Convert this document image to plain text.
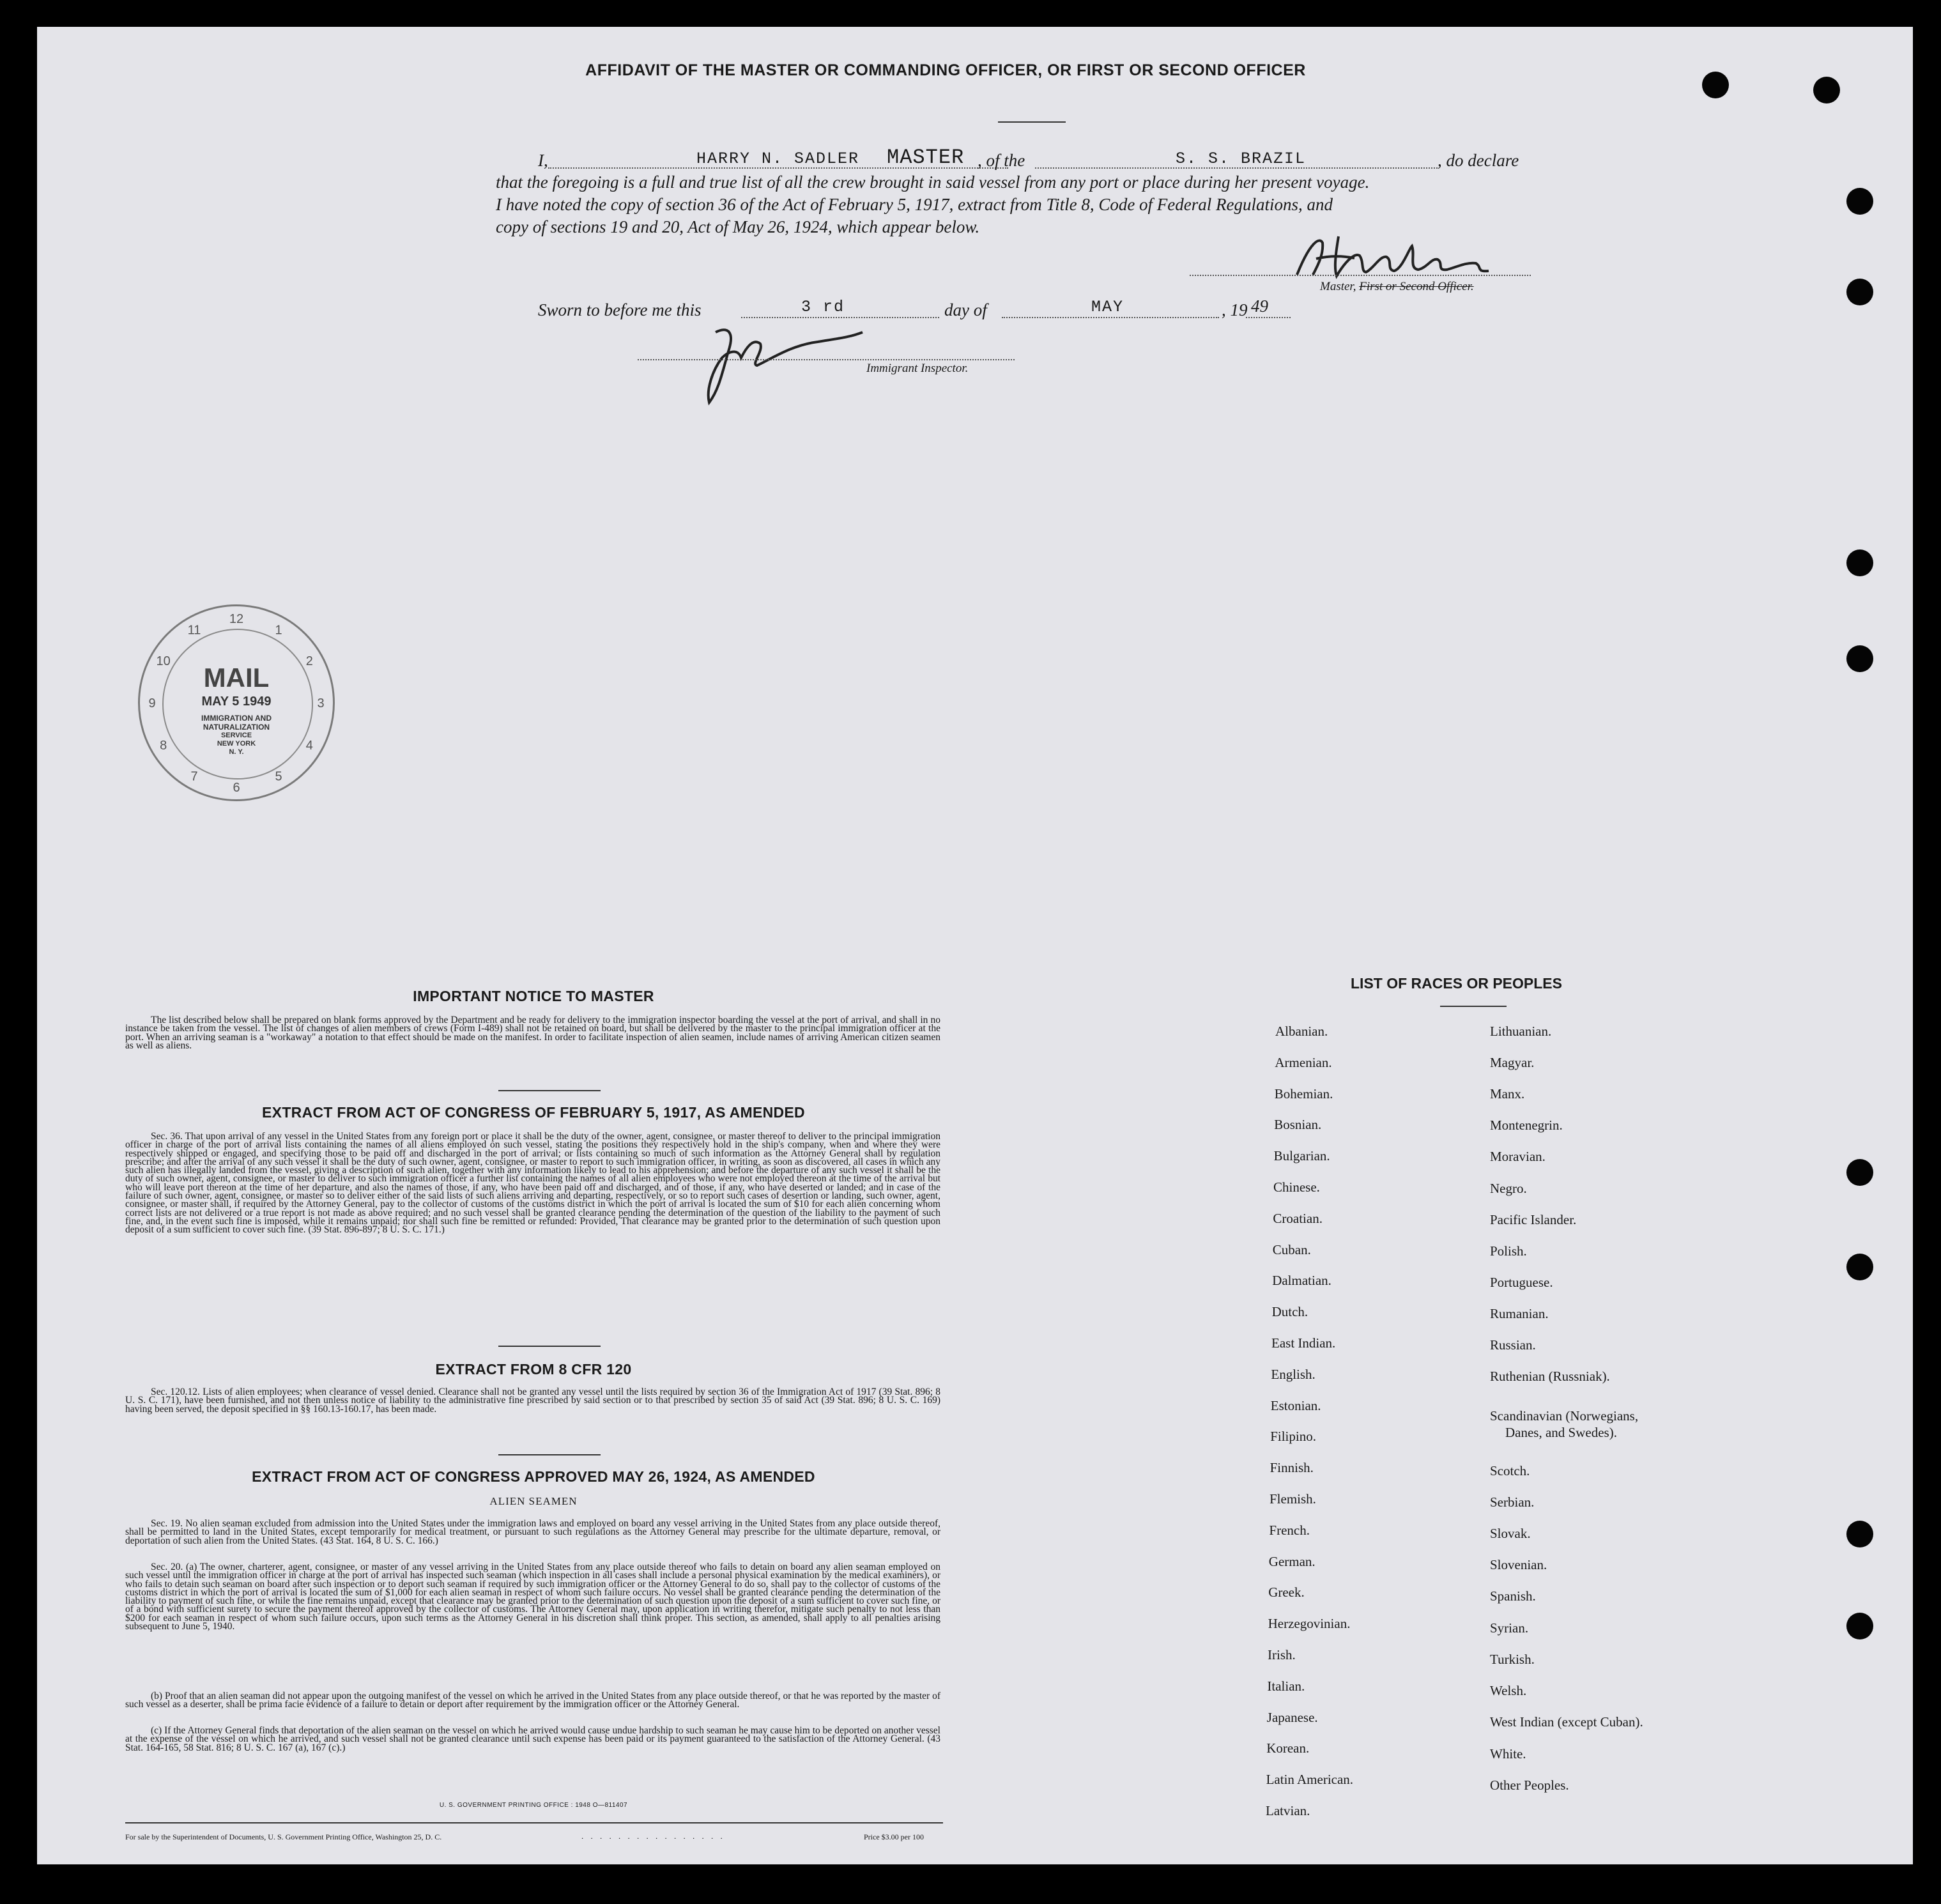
AFFIDAVIT OF THE MASTER OR COMMANDING OFFICER, OR FIRST OR SECOND OFFICER
I,	HARRY N. SADLER MASTER , of the	S. S. BRAZIL	, do declare
that the foregoing is a full and true list of all the crew brought in said vessel from any port or place during her present voyage.
I have noted the copy of section 36 of the Act of February 5, 1917, extract from Title 8, Code of Federal Regulations, and
copy of sections 19 and 20, Act of May 26, 1924, which appear below.
Master, First or Second Officer.
Sworn to before me this	3 rd	day of	MAY	, 19 49
Immigrant Inspector.
12
1
2
3
4
5
6
7
8
9
10
11
MAIL
MAY 5 1949
IMMIGRATION AND
NATURALIZATION
SERVICE
NEW YORK
N. Y.
IMPORTANT NOTICE TO MASTER
The list described below shall be prepared on blank forms approved by the Department and be ready for delivery to the immigration inspector boarding the vessel at the port of arrival, and shall in no instance be taken from the vessel. The list of changes of alien members of crews (Form I-489) shall not be retained on board, but shall be delivered by the master to the principal immigration officer at the port. When an arriving seaman is a "workaway" a notation to that effect should be made on the manifest. In order to facilitate inspection of alien seamen, include names of arriving American citizen seamen as well as aliens.
EXTRACT FROM ACT OF CONGRESS OF FEBRUARY 5, 1917, AS AMENDED
Sec. 36. That upon arrival of any vessel in the United States from any foreign port or place it shall be the duty of the owner, agent, consignee, or master thereof to deliver to the principal immigration officer in charge of the port of arrival lists containing the names of all aliens employed on such vessel, stating the positions they respectively hold in the ship's company, when and where they were respectively shipped or engaged, and specifying those to be paid off and discharged in the port of arrival; or lists containing so much of such information as the Attorney General shall by regulation prescribe; and after the arrival of any such vessel it shall be the duty of such owner, agent, consignee, or master to report to such immigration officer, in writing, as soon as discovered, all cases in which any such alien has illegally landed from the vessel, giving a description of such alien, together with any information likely to lead to his apprehension; and before the departure of any such vessel it shall be the duty of such owner, agent, consignee, or master to deliver to such immigration officer a further list containing the names of all alien employees who were not employed thereon at the time of the arrival but who will leave port thereon at the time of her departure, and also the names of those, if any, who have been paid off and discharged, and of those, if any, who have deserted or landed; and in case of the failure of such owner, agent, consignee, or master so to deliver either of the said lists of such aliens arriving and departing, respectively, or so to report such cases of desertion or landing, such owner, agent, consignee, or master shall, if required by the Attorney General, pay to the collector of customs of the customs district in which the port of arrival is located the sum of $10 for each alien concerning whom correct lists are not delivered or a true report is not made as above required; and no such vessel shall be granted clearance pending the determination of the question of the liability to the payment of such fine, and, in the event such fine is imposed, while it remains unpaid; nor shall such fine be remitted or refunded: Provided, That clearance may be granted prior to the determination of such question upon deposit of a sum sufficient to cover such fine. (39 Stat. 896-897; 8 U. S. C. 171.)
EXTRACT FROM 8 CFR 120
Sec. 120.12. Lists of alien employees; when clearance of vessel denied. Clearance shall not be granted any vessel until the lists required by section 36 of the Immigration Act of 1917 (39 Stat. 896; 8 U. S. C. 171), have been furnished, and not then unless notice of liability to the administrative fine prescribed by said section or to that prescribed by section 35 of said Act (39 Stat. 896; 8 U. S. C. 169) having been served, the deposit specified in §§ 160.13-160.17, has been made.
EXTRACT FROM ACT OF CONGRESS APPROVED MAY 26, 1924, AS AMENDED
ALIEN SEAMEN
Sec. 19. No alien seaman excluded from admission into the United States under the immigration laws and employed on board any vessel arriving in the United States from any place outside thereof, shall be permitted to land in the United States, except temporarily for medical treatment, or pursuant to such regulations as the Attorney General may prescribe for the ultimate departure, removal, or deportation of such alien from the United States. (43 Stat. 164, 8 U. S. C. 166.)
Sec. 20. (a) The owner, charterer, agent, consignee, or master of any vessel arriving in the United States from any place outside thereof who fails to detain on board any alien seaman employed on such vessel until the immigration officer in charge at the port of arrival has inspected such seaman (which inspection in all cases shall include a personal physical examination by the medical examiners), or who fails to detain such seaman on board after such inspection or to deport such seaman if required by such immigration officer or the Attorney General to do so, shall pay to the collector of customs of the customs district in which the port of arrival is located the sum of $1,000 for each alien seaman in respect of whom such failure occurs. No vessel shall be granted clearance pending the determination of the liability to payment of such fine, or while the fine remains unpaid, except that clearance may be granted prior to the determination of such question upon the deposit of a sum sufficient to cover such fine, or of a bond with sufficient surety to secure the payment thereof approved by the collector of customs. The Attorney General may, upon application in writing therefor, mitigate such penalty to not less than $200 for each seaman in respect of whom such failure occurs, upon such terms as the Attorney General in his discretion shall think proper. This section, as amended, shall apply to all penalties arising subsequent to June 5, 1940.
(b) Proof that an alien seaman did not appear upon the outgoing manifest of the vessel on which he arrived in the United States from any place outside thereof, or that he was reported by the master of such vessel as a deserter, shall be prima facie evidence of a failure to detain or deport after requirement by the immigration officer or the Attorney General.
(c) If the Attorney General finds that deportation of the alien seaman on the vessel on which he arrived would cause undue hardship to such seaman he may cause him to be deported on another vessel at the expense of the vessel on which he arrived, and such vessel shall not be granted clearance until such expense has been paid or its payment guaranteed to the satisfaction of the Attorney General. (43 Stat. 164-165, 58 Stat. 816; 8 U. S. C. 167 (a), 167 (c).)
U. S. GOVERNMENT PRINTING OFFICE : 1948 O—811407
For sale by the Superintendent of Documents, U. S. Government Printing Office, Washington 25, D. C.	. . . . . . . . . . . . . . . .	Price $3.00 per 100
LIST OF RACES OR PEOPLES
Albanian.
Armenian.
Bohemian.
Bosnian.
Bulgarian.
Chinese.
Croatian.
Cuban.
Dalmatian.
Dutch.
East Indian.
English.
Estonian.
Filipino.
Finnish.
Flemish.
French.
German.
Greek.
Herzegovinian.
Irish.
Italian.
Japanese.
Korean.
Latin American.
Latvian.
Lithuanian.
Magyar.
Manx.
Montenegrin.
Moravian.
Negro.
Pacific Islander.
Polish.
Portuguese.
Rumanian.
Russian.
Ruthenian (Russniak).
Scandinavian (Norwegians,
Danes, and Swedes).
Scotch.
Serbian.
Slovak.
Slovenian.
Spanish.
Syrian.
Turkish.
Welsh.
West Indian (except Cuban).
White.
Other Peoples.
